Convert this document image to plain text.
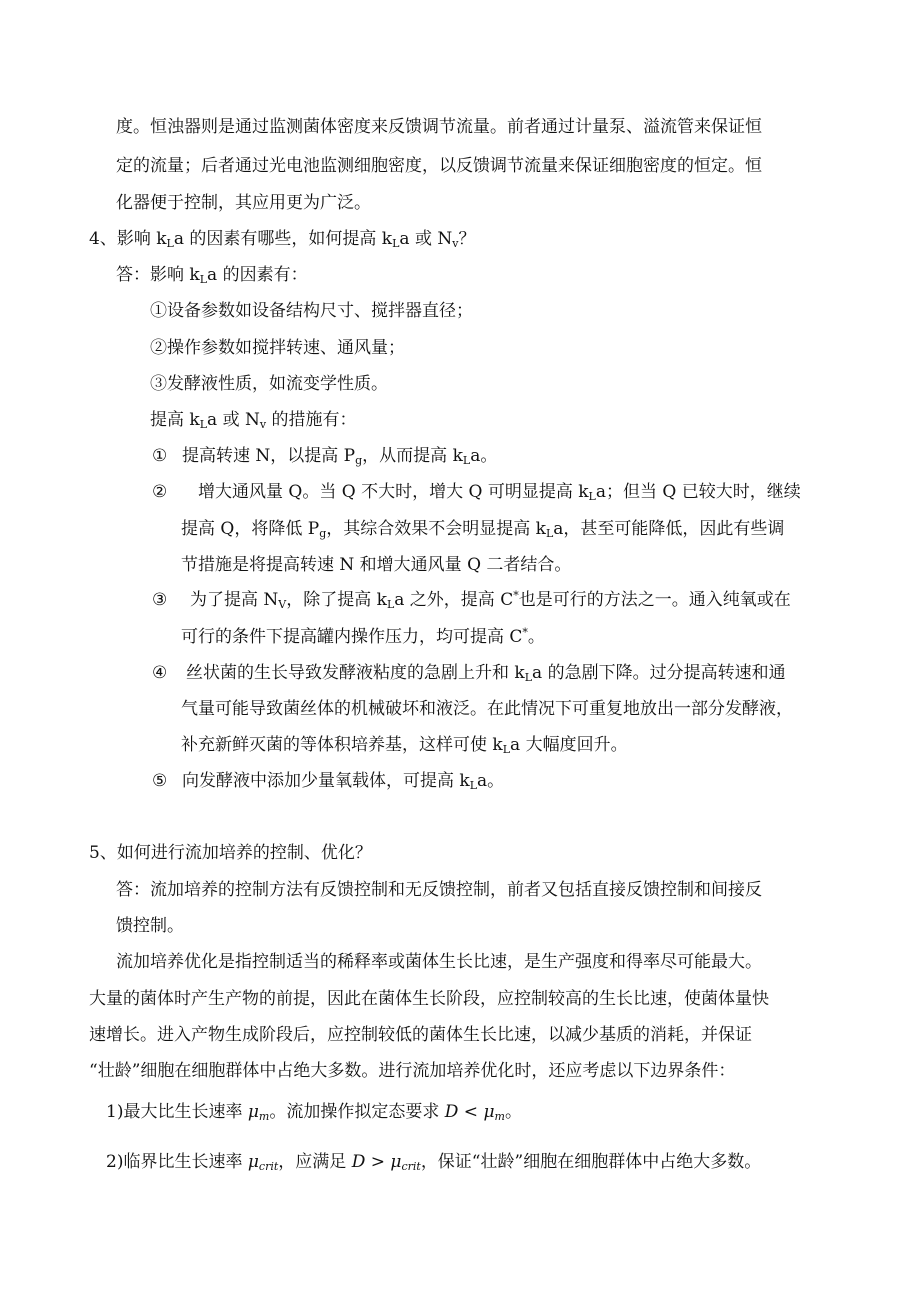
度。恒浊器则是通过监测菌体密度来反馈调节流量。前者通过计量泵、溢流管来保证恒
定的流量；后者通过光电池监测细胞密度，以反馈调节流量来保证细胞密度的恒定。恒
化器便于控制，其应用更为广泛。
4、影响 $k_La$ 的因素有哪些，如何提高 $k_La$ 或 $N_v$？
答：影响 $k_La$ 的因素有：
①设备参数如设备结构尺寸、搅拌器直径；
②操作参数如搅拌转速、通风量；
③发酵液性质，如流变学性质。
提高 $k_La$ 或 $N_v$ 的措施有：
① 提高转速 N，以提高 $P_g$，从而提高 $k_La$。
② 增大通风量 Q。当 Q 不大时，增大 Q 可明显提高 $k_La$；但当 Q 已较大时，继续
提高 Q，将降低 $P_g$，其综合效果不会明显提高 $k_La$，甚至可能降低，因此有些调
节措施是将提高转速 N 和增大通风量 Q 二者结合。
③ 为了提高 $N_V$，除了提高 $k_La$ 之外，提高 C*也是可行的方法之一。通入纯氧或在
可行的条件下提高罐内操作压力，均可提高 C*。
④ 丝状菌的生长导致发酵液粘度的急剧上升和 $k_La$ 的急剧下降。过分提高转速和通
气量可能导致菌丝体的机械破坏和液泛。在此情况下可重复地放出一部分发酵液，
补充新鲜灭菌的等体积培养基，这样可使 $k_La$ 大幅度回升。
⑤ 向发酵液中添加少量氧载体，可提高 $k_La$。
5、如何进行流加培养的控制、优化？
答：流加培养的控制方法有反馈控制和无反馈控制，前者又包括直接反馈控制和间接反
馈控制。
流加培养优化是指控制适当的稀释率或菌体生长比速，是生产强度和得率尽可能最大。
大量的菌体时产生产物的前提，因此在菌体生长阶段，应控制较高的生长比速，使菌体量快
速增长。进入产物生成阶段后，应控制较低的菌体生长比速，以减少基质的消耗，并保证
“壮龄”细胞在细胞群体中占绝大多数。进行流加培养优化时，还应考虑以下边界条件：
1)最大比生长速率 $\mu_m$。流加操作拟定态要求 $D < \mu_m$。
2)临界比生长速率 $\mu_{crit}$，应满足 $D > \mu_{crit}$，保证“壮龄”细胞在细胞群体中占绝大多数。
